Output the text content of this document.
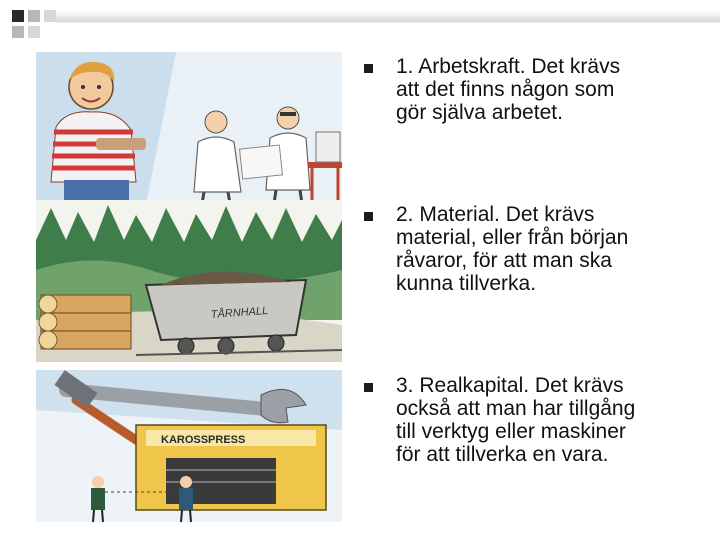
TÅRNHALL
KAROSSPRESS
1. Arbetskraft. Det krävs
att det finns någon som
gör själva arbetet.
2. Material. Det krävs
material, eller från början
råvaror, för att man ska
kunna tillverka.
3. Realkapital. Det krävs
också att man har tillgång
till verktyg eller maskiner
för att tillverka en vara.
